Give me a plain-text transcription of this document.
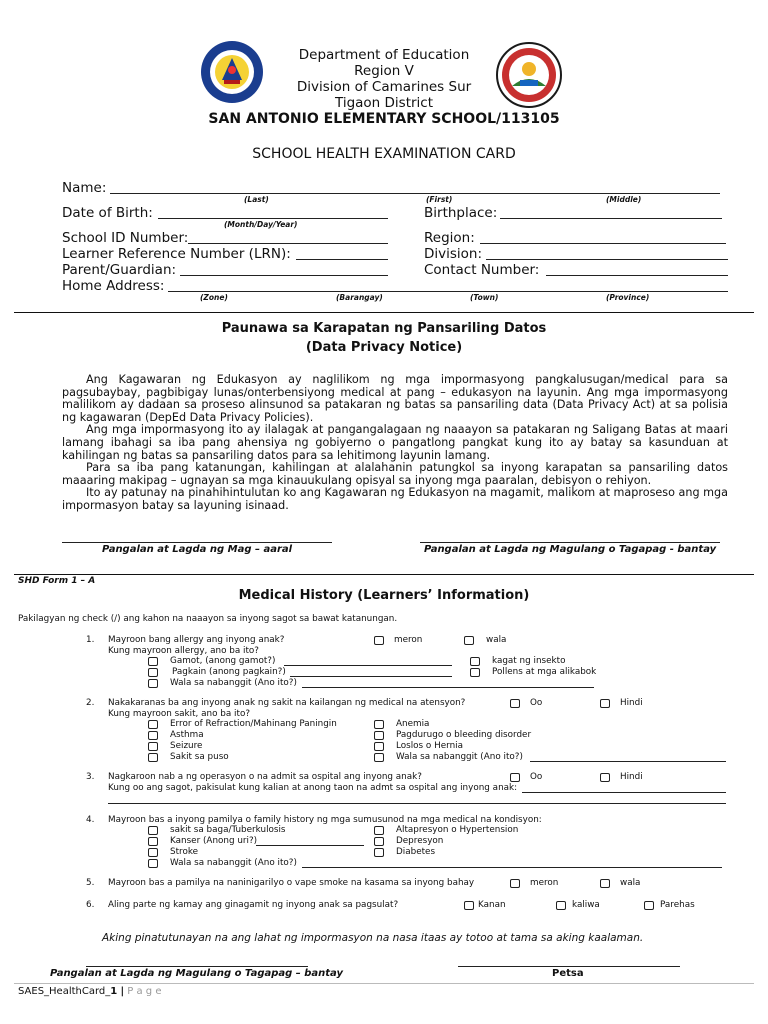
Department of Education
Region V
Division of Camarines Sur
Tigaon District
SAN ANTONIO ELEMENTARY SCHOOL/113105
SCHOOL HEALTH EXAMINATION CARD
Name:
(Last)	(First)	(Middle)
Date of Birth:
(Month/Day/Year)
Birthplace:
School ID Number:	Region:
Learner Reference Number (LRN):	Division:
Parent/Guardian:	Contact Number:
Home Address:
(Zone)	(Barangay)	(Town)	(Province)
Paunawa sa Karapatan ng Pansariling Datos
(Data Privacy Notice)

Ang Kagawaran ng Edukasyon ay naglilikom ng mga impormasyong pangkalusugan/medical para sa pagsubaybay, pagbibigay lunas/onterbensiyong medical at pang – edukasyon na layunin. Ang mga impormasyong malilikom ay dadaan sa proseso alinsunod sa patakaran ng batas sa pansariling data (Data Privacy Act) at sa polisia ng kagawaran (DepEd Data Privacy Policies).

Ang mga impormasyong ito ay ilalagak at pangangalagaan ng naaayon sa patakaran ng Saligang Batas at maari lamang ibahagi sa iba pang ahensiya ng gobiyerno o pangatlong pangkat kung ito ay batay sa kasunduan at kahilingan ng batas sa pansariling datos para sa lehitimong layunin lamang.

Para sa iba pang katanungan, kahilingan at alalahanin patungkol sa inyong karapatan sa pansariling datos maaaring makipag – ugnayan sa mga kinauukulang opisyal sa inyong mga paaralan, debisyon o rehiyon.

Ito ay patunay na pinahihintulutan ko ang Kagawaran ng Edukasyon na magamit, malikom at maproseso ang mga impormasyon batay sa layuning isinaad.

Pangalan at Lagda ng Mag – aaral	Pangalan at Lagda ng Magulang o Tagapag - bantay
SHD Form 1 – A
Medical History (Learners’ Information)
Pakilagyan ng check (/) ang kahon na naaayon sa inyong sagot sa bawat katanungan.
1. Mayroon bang allergy ang inyong anak?	meron	wala
Kung mayroon allergy, ano ba ito?
Gamot, (anong gamot?)	kagat ng insekto
Pagkain (anong pagkain?)	Pollens at mga alikabok
Wala sa nabanggit (Ano ito?)
2. Nakakaranas ba ang inyong anak ng sakit na kailangan ng medical na atensyon?	Oo	Hindi
Kung mayroon sakit, ano ba ito?
Error of Refraction/Mahinang Paningin	Anemia
Asthma	Pagdurugo o bleeding disorder
Seizure	Loslos o Hernia
Sakit sa puso	Wala sa nabanggit (Ano ito?)
3. Nagkaroon nab a ng operasyon o na admit sa ospital ang inyong anak?	Oo	Hindi
Kung oo ang sagot, pakisulat kung kalian at anong taon na admt sa ospital ang inyong anak:
4. Mayroon bas a inyong pamilya o family history ng mga sumusunod na mga medical na kondisyon:
sakit sa baga/Tuberkulosis	Altapresyon o Hypertension
Kanser (Anong uri?)	Depresyon
Stroke	Diabetes
Wala sa nabanggit (Ano ito?)
5. Mayroon bas a pamilya na naninigarilyo o vape smoke na kasama sa inyong bahay	meron	wala
6. Aling parte ng kamay ang ginagamit ng inyong anak sa pagsulat?	Kanan	kaliwa	Parehas
Aking pinatutunayan na ang lahat ng impormasyon na nasa itaas ay totoo at tama sa aking kaalaman.
Pangalan at Lagda ng Magulang o Tagapag – bantay	Petsa
SAES_HealthCard_1 | P a g e
